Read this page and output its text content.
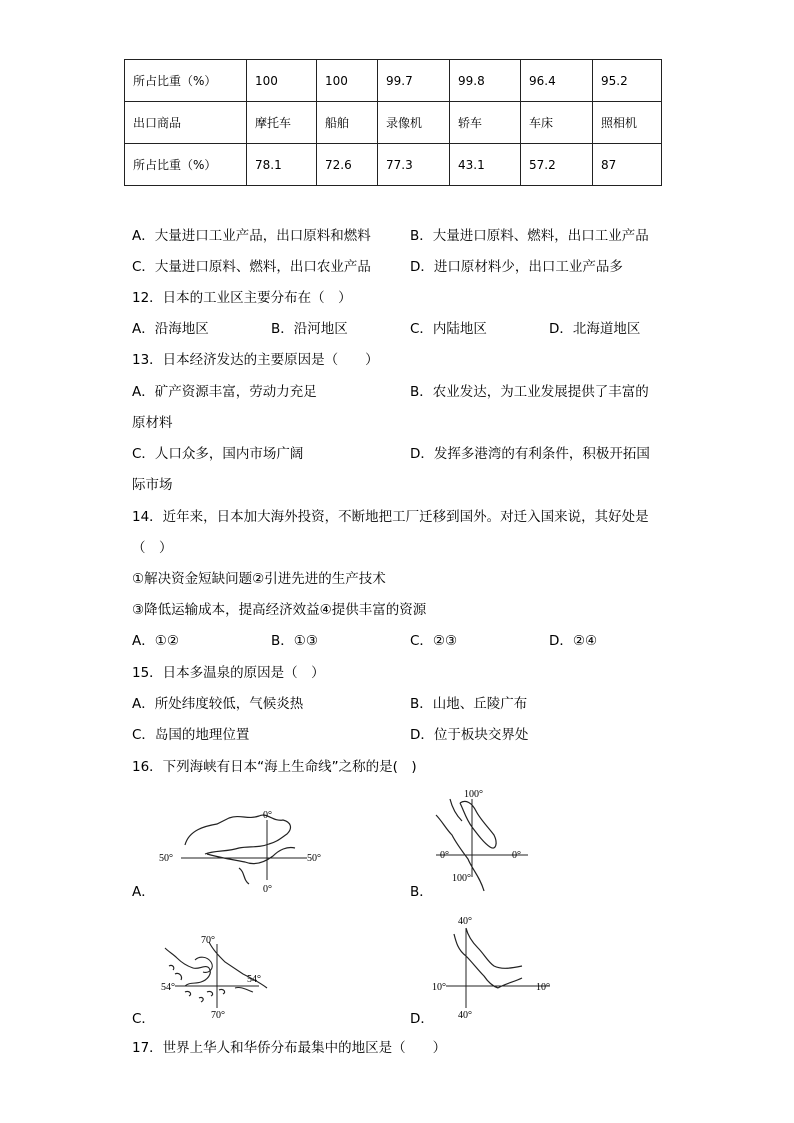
所占比重（%）	100	100	99.7	99.8	96.4	95.2
出口商品	摩托车	船舶	录像机	轿车	车床	照相机
所占比重（%）	78.1	72.6	77.3	43.1	57.2	87
A．大量进口工业产品，出口原料和燃料	B．大量进口原料、燃料，出口工业产品
C．大量进口原料、燃料，出口农业产品	D．进口原材料少，出口工业产品多
12．日本的工业区主要分布在（　）
A．沿海地区	B．沿河地区	C．内陆地区	D．北海道地区
13．日本经济发达的主要原因是（　　）
A．矿产资源丰富，劳动力充足	B．农业发达，为工业发展提供了丰富的
原材料
C．人口众多，国内市场广阔	D．发挥多港湾的有利条件，积极开拓国
际市场
14．近年来，日本加大海外投资，不断地把工厂迁移到国外。对迁入国来说，其好处是
（　）
①解决资金短缺问题②引进先进的生产技术
③降低运输成本，提高经济效益④提供丰富的资源
A．①②	B．①③	C．②③	D．②④
15．日本多温泉的原因是（　）
A．所处纬度较低，气候炎热	B．山地、丘陵广布
C．岛国的地理位置	D．位于板块交界处
16．下列海峡有日本“海上生命线”之称的是(　)
A．
0°
0°
50°	50°
B．
100°
100°
0°	0°
C．
70°
70°
54°
54°
D．
40°
40°
10°	10°
17．世界上华人和华侨分布最集中的地区是（　　）
